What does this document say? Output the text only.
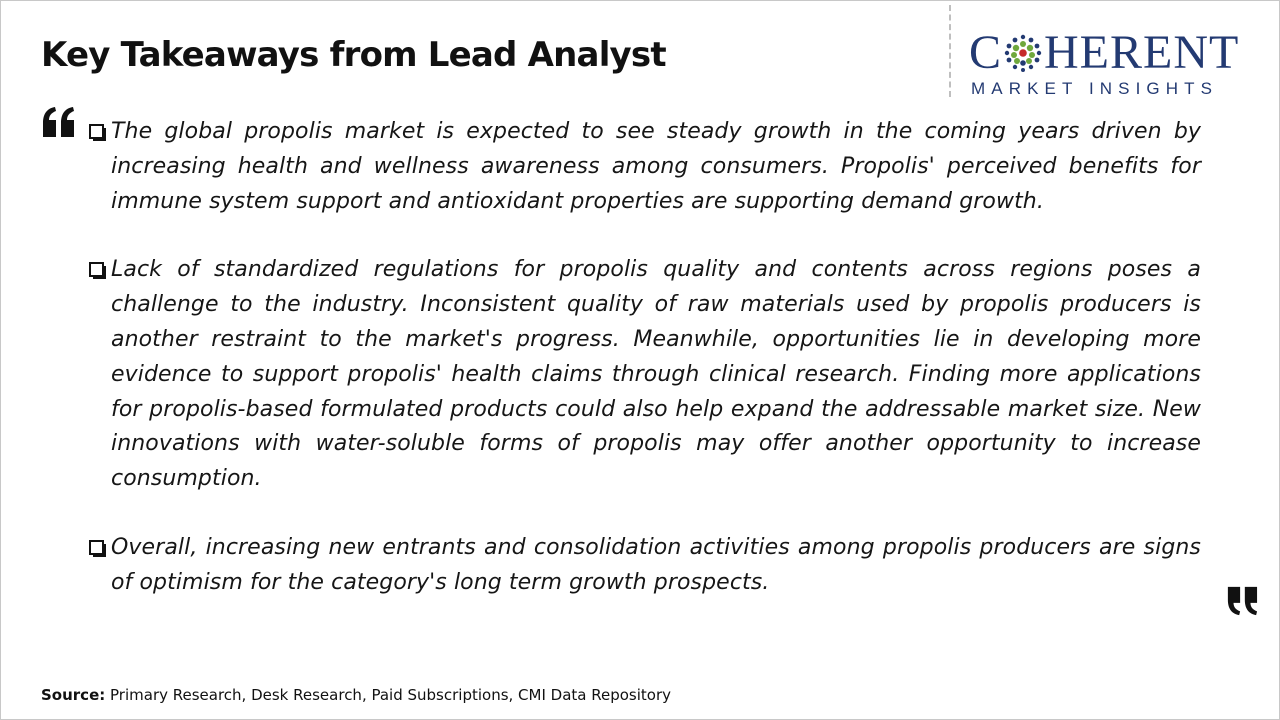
Key Takeaways from Lead Analyst	C HERENT
MARKET INSIGHTS
The global propolis market is expected to see steady growth in the coming years driven by increasing health and wellness awareness among consumers. Propolis' perceived benefits for immune system support and antioxidant properties are supporting demand growth.
Lack of standardized regulations for propolis quality and contents across regions poses a challenge to the industry. Inconsistent quality of raw materials used by propolis producers is another restraint to the market's progress. Meanwhile, opportunities lie in developing more evidence to support propolis' health claims through clinical research. Finding more applications for propolis-based formulated products could also help expand the addressable market size. New innovations with water-soluble forms of propolis may offer another opportunity to increase consumption.
Overall, increasing new entrants and consolidation activities among propolis producers are signs of optimism for the category's long term growth prospects.
Source: Primary Research, Desk Research, Paid Subscriptions, CMI Data Repository
